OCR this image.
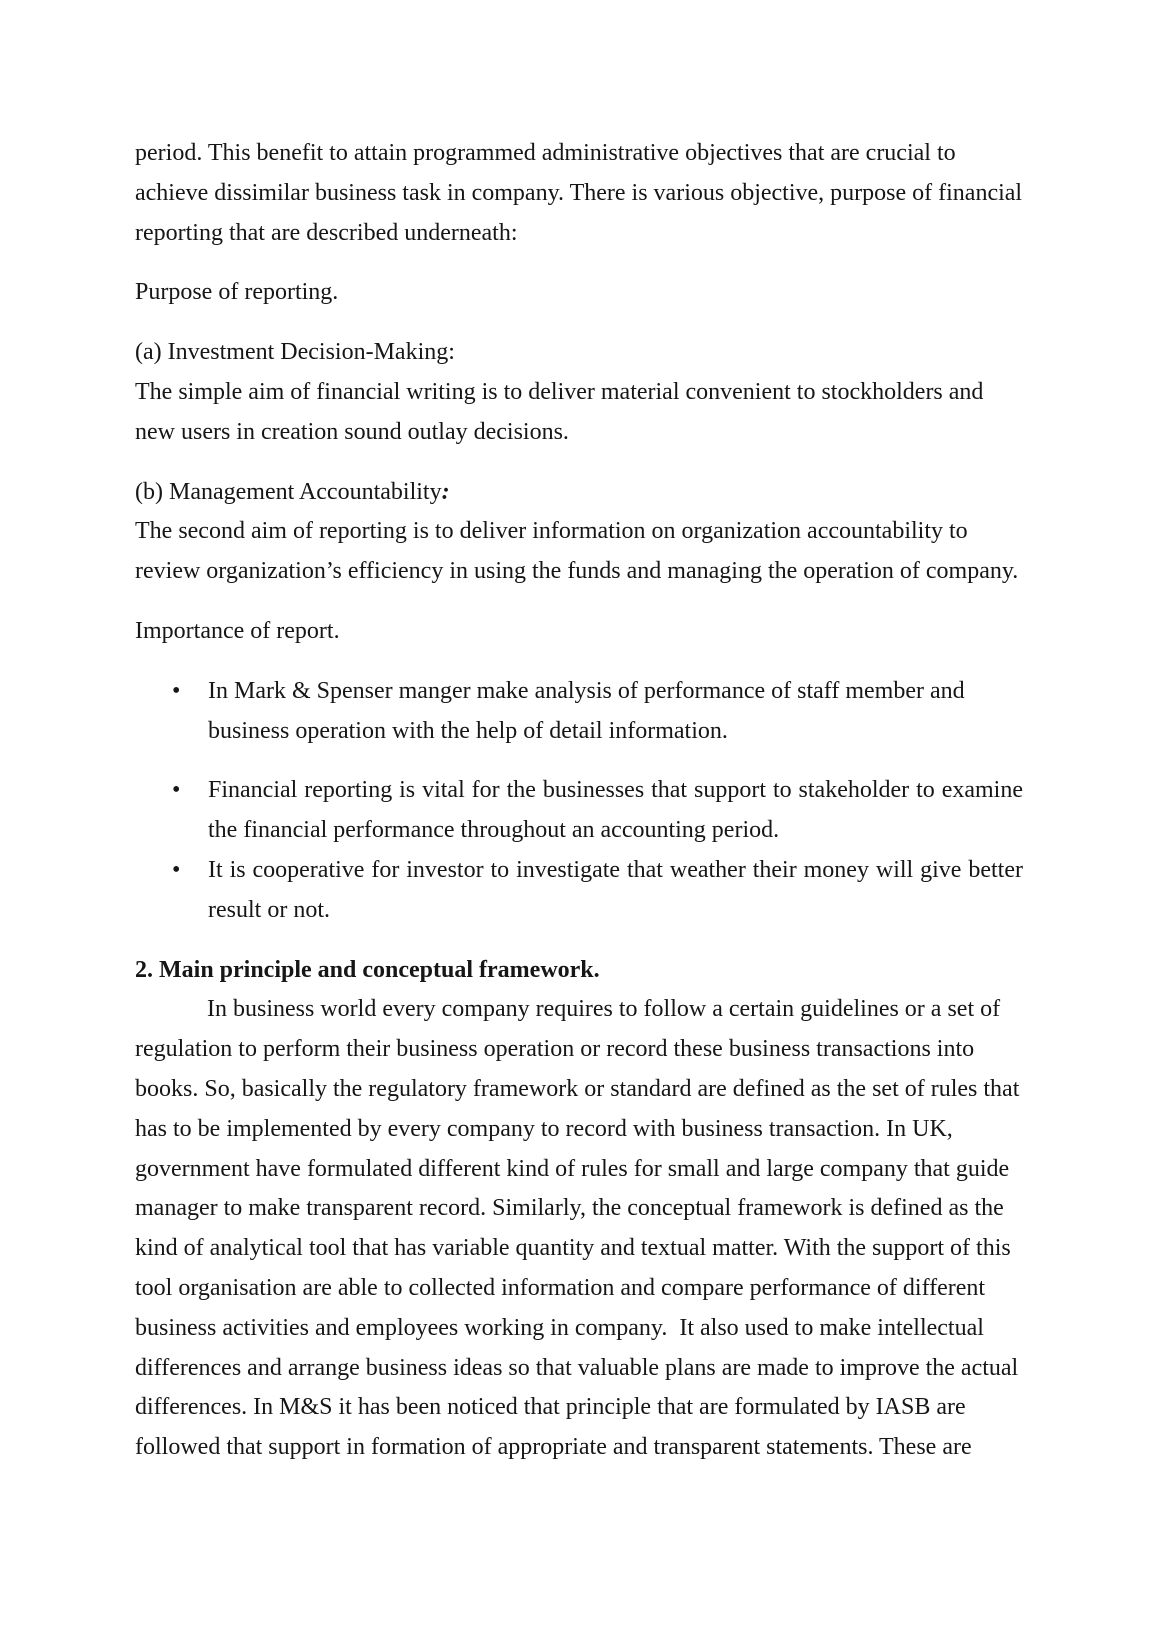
period. This benefit to attain programmed administrative objectives that are crucial to achieve dissimilar business task in company. There is various objective, purpose of financial reporting that are described underneath:

Purpose of reporting.

(a) Investment Decision-Making:
The simple aim of financial writing is to deliver material convenient to stockholders and new users in creation sound outlay decisions.

(b) Management Accountability:
The second aim of reporting is to deliver information on organization accountability to review organization’s efficiency in using the funds and managing the operation of company.

Importance of report.

• In Mark & Spenser manger make analysis of performance of staff member and business operation with the help of detail information.
• Financial reporting is vital for the businesses that support to stakeholder to examine the financial performance throughout an accounting period.
• It is cooperative for investor to investigate that weather their money will give better result or not.
2. Main principle and conceptual framework.

In business world every company requires to follow a certain guidelines or a set of regulation to perform their business operation or record these business transactions into books. So, basically the regulatory framework or standard are defined as the set of rules that has to be implemented by every company to record with business transaction. In UK, government have formulated different kind of rules for small and large company that guide manager to make transparent record. Similarly, the conceptual framework is defined as the kind of analytical tool that has variable quantity and textual matter. With the support of this tool organisation are able to collected information and compare performance of different business activities and employees working in company.  It also used to make intellectual differences and arrange business ideas so that valuable plans are made to improve the actual differences. In M&S it has been noticed that principle that are formulated by IASB are followed that support in formation of appropriate and transparent statements. These are
